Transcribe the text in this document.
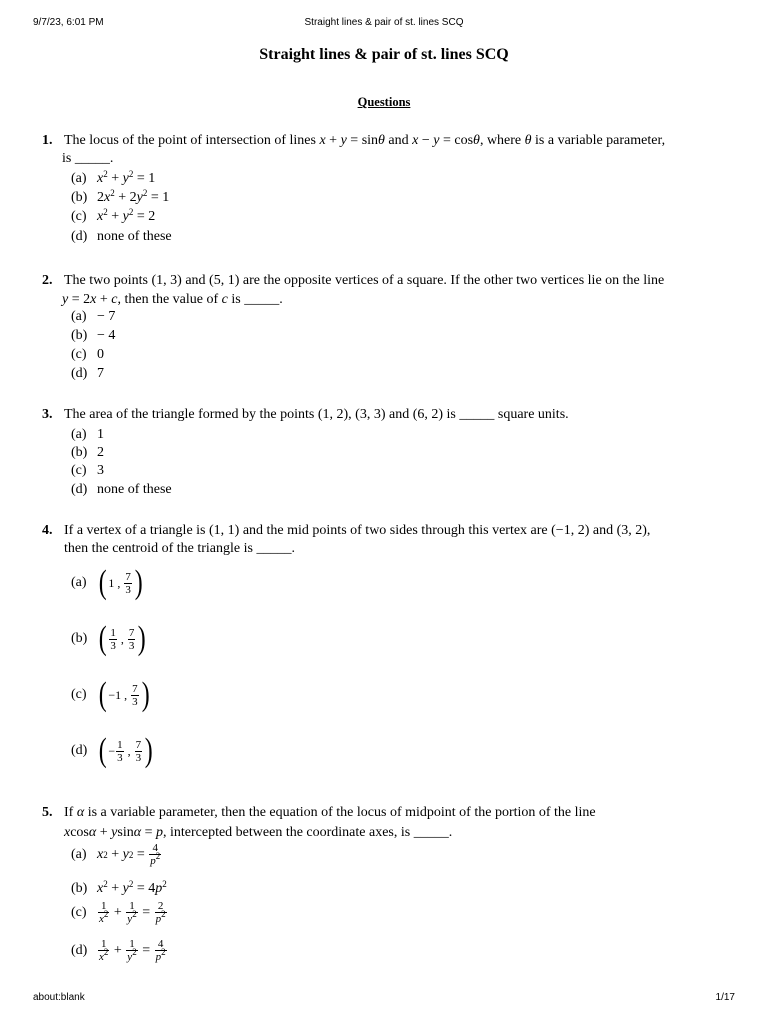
9/7/23, 6:01 PM	Straight lines & pair of st. lines SCQ
Straight lines & pair of st. lines SCQ
Questions
1. The locus of the point of intersection of lines x + y = sinθ and x − y = cosθ, where θ is a variable parameter,
is _____.
(a) $x^2 + y^2 = 1$
(b) $2x^2 + 2y^2 = 1$
(c) $x^2 + y^2 = 2$
(d) none of these
2. The two points (1, 3) and (5, 1) are the opposite vertices of a square. If the other two vertices lie on the line
y = 2x + c, then the value of c is _____.
(a) − 7
(b) − 4
(c) 0
(d) 7
3. The area of the triangle formed by the points (1, 2), (3, 3) and (6, 2) is _____ square units.
(a) 1
(b) 2
(c) 3
(d) none of these
4. If a vertex of a triangle is (1, 1) and the mid points of two sides through this vertex are (−1, 2) and (3, 2),
then the centroid of the triangle is _____.
(a) ( 1 , $\frac{7}{3}$ )
(b) ( $\frac{1}{3}$ , $\frac{7}{3}$ )
(c) ( −1 , $\frac{7}{3}$ )
(d) ( − $\frac{1}{3}$ , $\frac{7}{3}$ )
5. If α is a variable parameter, then the equation of the locus of midpoint of the portion of the line
xcosα + ysinα = p, intercepted between the coordinate axes, is _____.
(a) x 2 + y $2 = \frac{4}{p^2}$
(b) $x^2 + y^2 = 4p^2$
(c)	$\frac{1}{x^2} + \frac{1}{y^2} = \frac{2}{p^2}$
$(d) \frac{1}{x^2} + \frac{1}{y^2} = \frac{4}{p^2}$
about:blank	1/17
